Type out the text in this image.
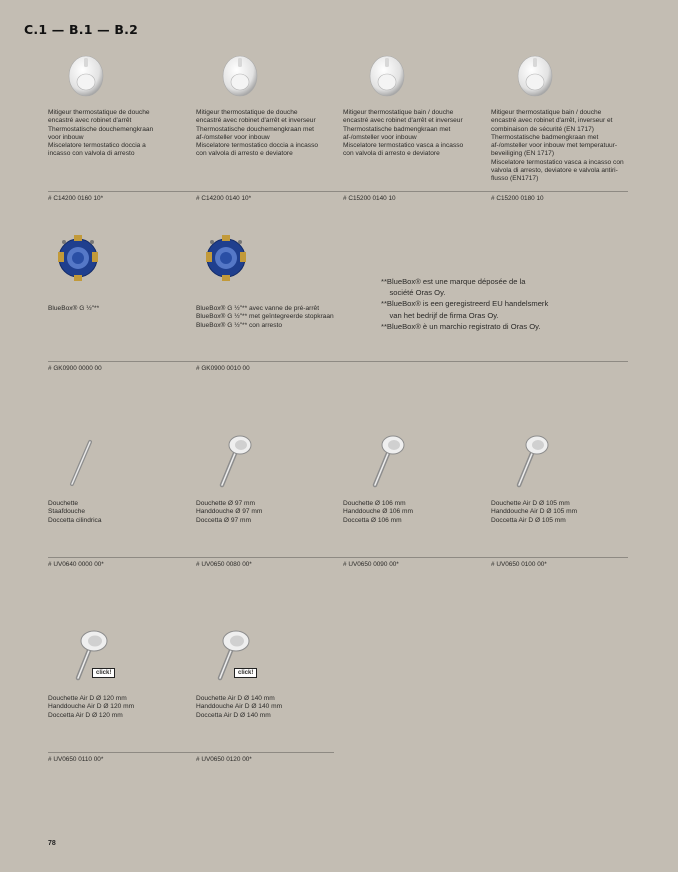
C.1 — B.1 — B.2
Mitigeur thermostatique de douche
encastré avec robinet d'arrêt
Thermostatische douchemengkraan
voor inbouw
Miscelatore termostatico doccia a
incasso con valvola di arresto
Mitigeur thermostatique de douche
encastré avec robinet d'arrêt et inverseur
Thermostatische douchemengkraan met
af-/omsteller voor inbouw
Miscelatore termostatico doccia a incasso
con valvola di arresto e deviatore
Mitigeur thermostatique bain / douche
encastré avec robinet d'arrêt et inverseur
Thermostatische badmengkraan met
af-/omsteller voor inbouw
Miscelatore termostatico vasca a incasso
con valvola di arresto e deviatore
Mitigeur thermostatique bain / douche
encastré avec robinet d'arrêt, inverseur et
combinaison de sécurité (EN 1717)
Thermostatische badmengkraan met
af-/omsteller voor inbouw met temperatuur-
beveiliging (EN 1717)
Miscelatore termostatico vasca a incasso con
valvola di arresto, deviatore e valvola antiri-
flusso (EN1717)
# C14200 0160 10*	# C14200 0140 10*	# C15200 0140 10	# C15200 0180 10
BlueBox® G ½"**	BlueBox® G ½"** avec vanne de pré-arrêt
BlueBox® G ½"** met geïntegreerde stopkraan
BlueBox® G ½"** con arresto
**BlueBox® est une marque déposée de la
société Oras Oy.
**BlueBox® is een geregistreerd EU handelsmerk
van het bedrijf de firma Oras Oy.
**BlueBox® è un marchio registrato di Oras Oy.
# GK0900 0000 00	# GK0900 0010 00
Douchette
Staafdouche
Doccetta cilindrica
Douchette Ø 97 mm
Handdouche Ø 97 mm
Doccetta Ø 97 mm
Douchette Ø 106 mm
Handdouche Ø 106 mm
Doccetta Ø 106 mm
Douchette Air D Ø 105 mm
Handdouche Air D Ø 105 mm
Doccetta Air D Ø 105 mm
# UV0640 0000 00*	# UV0650 0080 00*	# UV0650 0090 00*	# UV0650 0100 00*
click!
Douchette Air D Ø 120 mm
Handdouche Air D Ø 120 mm
Doccetta Air D Ø 120 mm
click!
Douchette Air D Ø 140 mm
Handdouche Air D Ø 140 mm
Doccetta Air D Ø 140 mm
# UV0650 0110 00*	# UV0650 0120 00*
78
